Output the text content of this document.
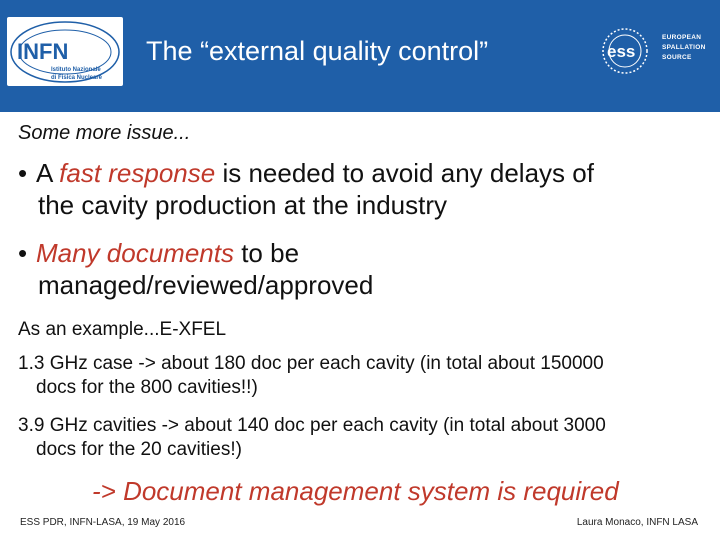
INFN
Istituto Nazionale
di Fisica Nucleare
The “external quality control”	ess
EUROPEAN
SPALLATION
SOURCE
Some more issue...
• A fast response is needed to avoid any delays of
the cavity production at the industry
• Many documents to be
managed/reviewed/approved
As an example...E-XFEL
1.3 GHz case -> about 180 doc per each cavity (in total about 150000
docs for the 800 cavities!!)
3.9 GHz cavities -> about 140 doc per each cavity (in total about 3000
docs for the 20 cavities!)
-> Document management system is required
ESS PDR, INFN-LASA, 19 May 2016	Laura Monaco, INFN LASA
